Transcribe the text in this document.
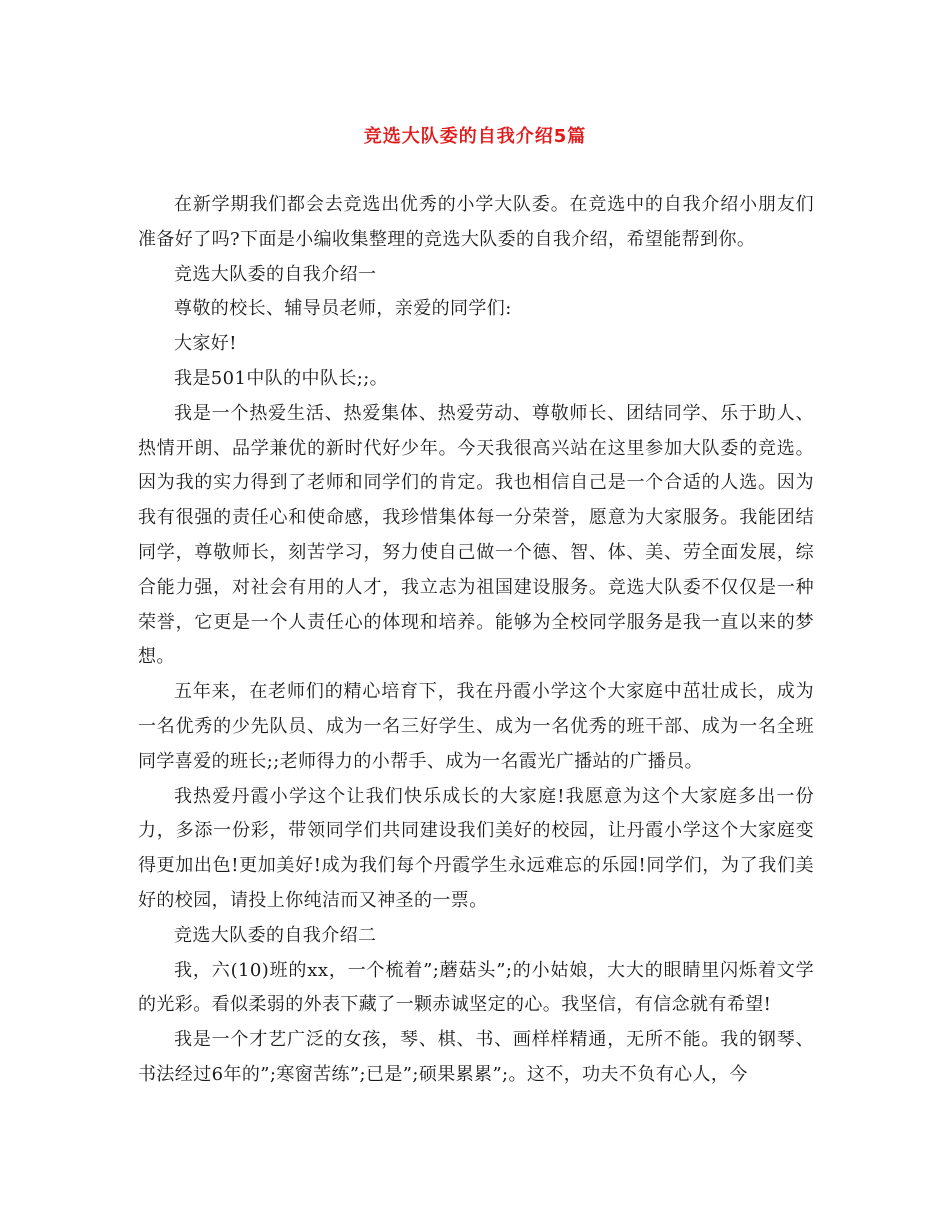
竞选大队委的自我介绍5篇

在新学期我们都会去竞选出优秀的小学大队委。在竞选中的自我介绍小朋友们准备好了吗?下面是小编收集整理的竞选大队委的自我介绍，希望能帮到你。

竞选大队委的自我介绍一

尊敬的校长、辅导员老师，亲爱的同学们:

大家好!

我是501中队的中队长;;。

我是一个热爱生活、热爱集体、热爱劳动、尊敬师长、团结同学、乐于助人、热情开朗、品学兼优的新时代好少年。今天我很高兴站在这里参加大队委的竞选。因为我的实力得到了老师和同学们的肯定。我也相信自己是一个合适的人选。因为我有很强的责任心和使命感，我珍惜集体每一分荣誉，愿意为大家服务。我能团结同学，尊敬师长，刻苦学习，努力使自己做一个德、智、体、美、劳全面发展，综合能力强，对社会有用的人才，我立志为祖国建设服务。竞选大队委不仅仅是一种荣誉，它更是一个人责任心的体现和培养。能够为全校同学服务是我一直以来的梦想。

五年来，在老师们的精心培育下，我在丹霞小学这个大家庭中茁壮成长，成为一名优秀的少先队员、成为一名三好学生、成为一名优秀的班干部、成为一名全班同学喜爱的班长;;老师得力的小帮手、成为一名霞光广播站的广播员。

我热爱丹霞小学这个让我们快乐成长的大家庭!我愿意为这个大家庭多出一份力，多添一份彩，带领同学们共同建设我们美好的校园，让丹霞小学这个大家庭变得更加出色!更加美好!成为我们每个丹霞学生永远难忘的乐园!同学们，为了我们美好的校园，请投上你纯洁而又神圣的一票。

竞选大队委的自我介绍二

我，六(10)班的xx，一个梳着”;蘑菇头”;的小姑娘，大大的眼睛里闪烁着文学的光彩。看似柔弱的外表下藏了一颗赤诚坚定的心。我坚信，有信念就有希望!

我是一个才艺广泛的女孩，琴、棋、书、画样样精通，无所不能。我的钢琴、书法经过6年的”;寒窗苦练”;已是”;硕果累累”;。这不，功夫不负有心人，今
